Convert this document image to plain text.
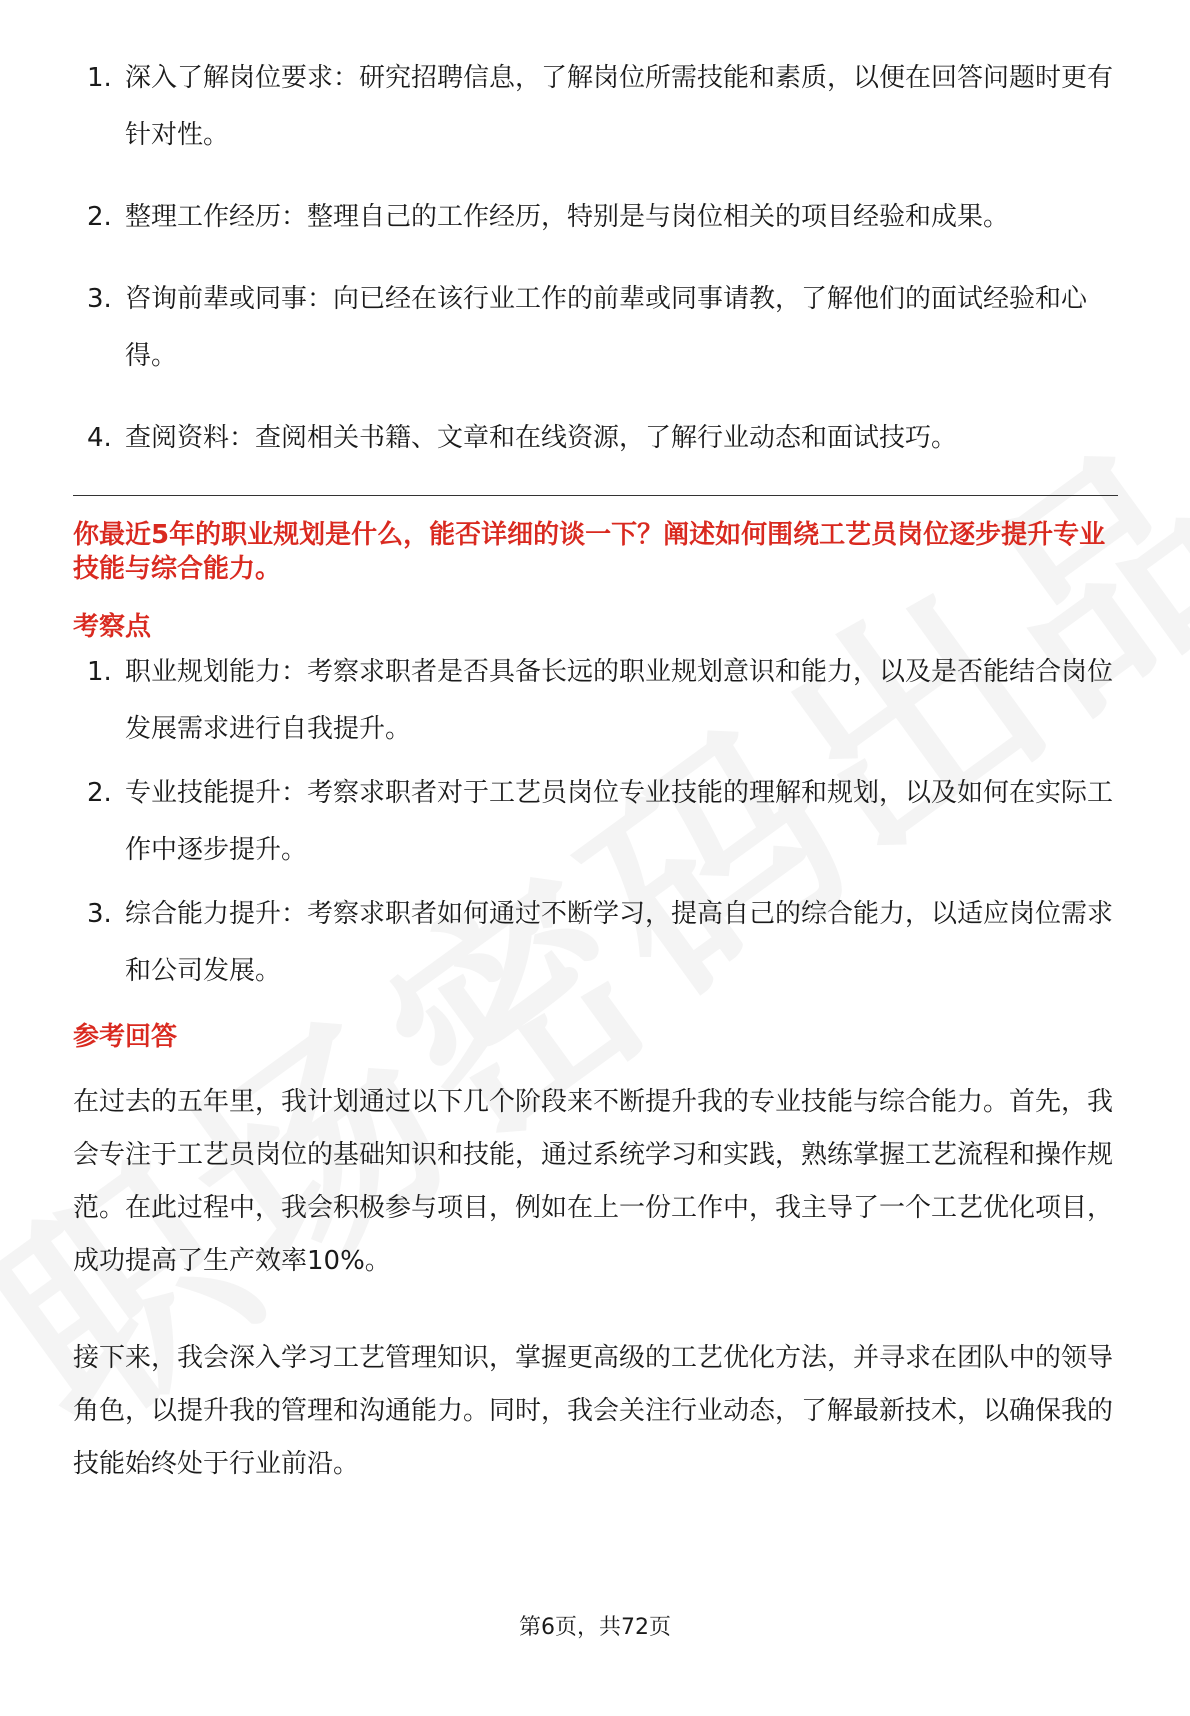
1. 深入了解岗位要求：研究招聘信息，了解岗位所需技能和素质，以便在回答问题时更有针对性。
2. 整理工作经历：整理自己的工作经历，特别是与岗位相关的项目经验和成果。
3. 咨询前辈或同事：向已经在该行业工作的前辈或同事请教，了解他们的面试经验和心得。
4. 查阅资料：查阅相关书籍、文章和在线资源，了解行业动态和面试技巧。
你最近5年的职业规划是什么，能否详细的谈一下？阐述如何围绕工艺员岗位逐步提升专业技能与综合能力。
考察点
1. 职业规划能力：考察求职者是否具备长远的职业规划意识和能力，以及是否能结合岗位发展需求进行自我提升。
2. 专业技能提升：考察求职者对于工艺员岗位专业技能的理解和规划，以及如何在实际工作中逐步提升。
3. 综合能力提升：考察求职者如何通过不断学习，提高自己的综合能力，以适应岗位需求和公司发展。
参考回答

在过去的五年里，我计划通过以下几个阶段来不断提升我的专业技能与综合能力。首先，我会专注于工艺员岗位的基础知识和技能，通过系统学习和实践，熟练掌握工艺流程和操作规范。在此过程中，我会积极参与项目，例如在上一份工作中，我主导了一个工艺优化项目，成功提高了生产效率10%。

接下来，我会深入学习工艺管理知识，掌握更高级的工艺优化方法，并寻求在团队中的领导角色，以提升我的管理和沟通能力。同时，我会关注行业动态，了解最新技术，以确保我的技能始终处于行业前沿。

第6页，共72页
